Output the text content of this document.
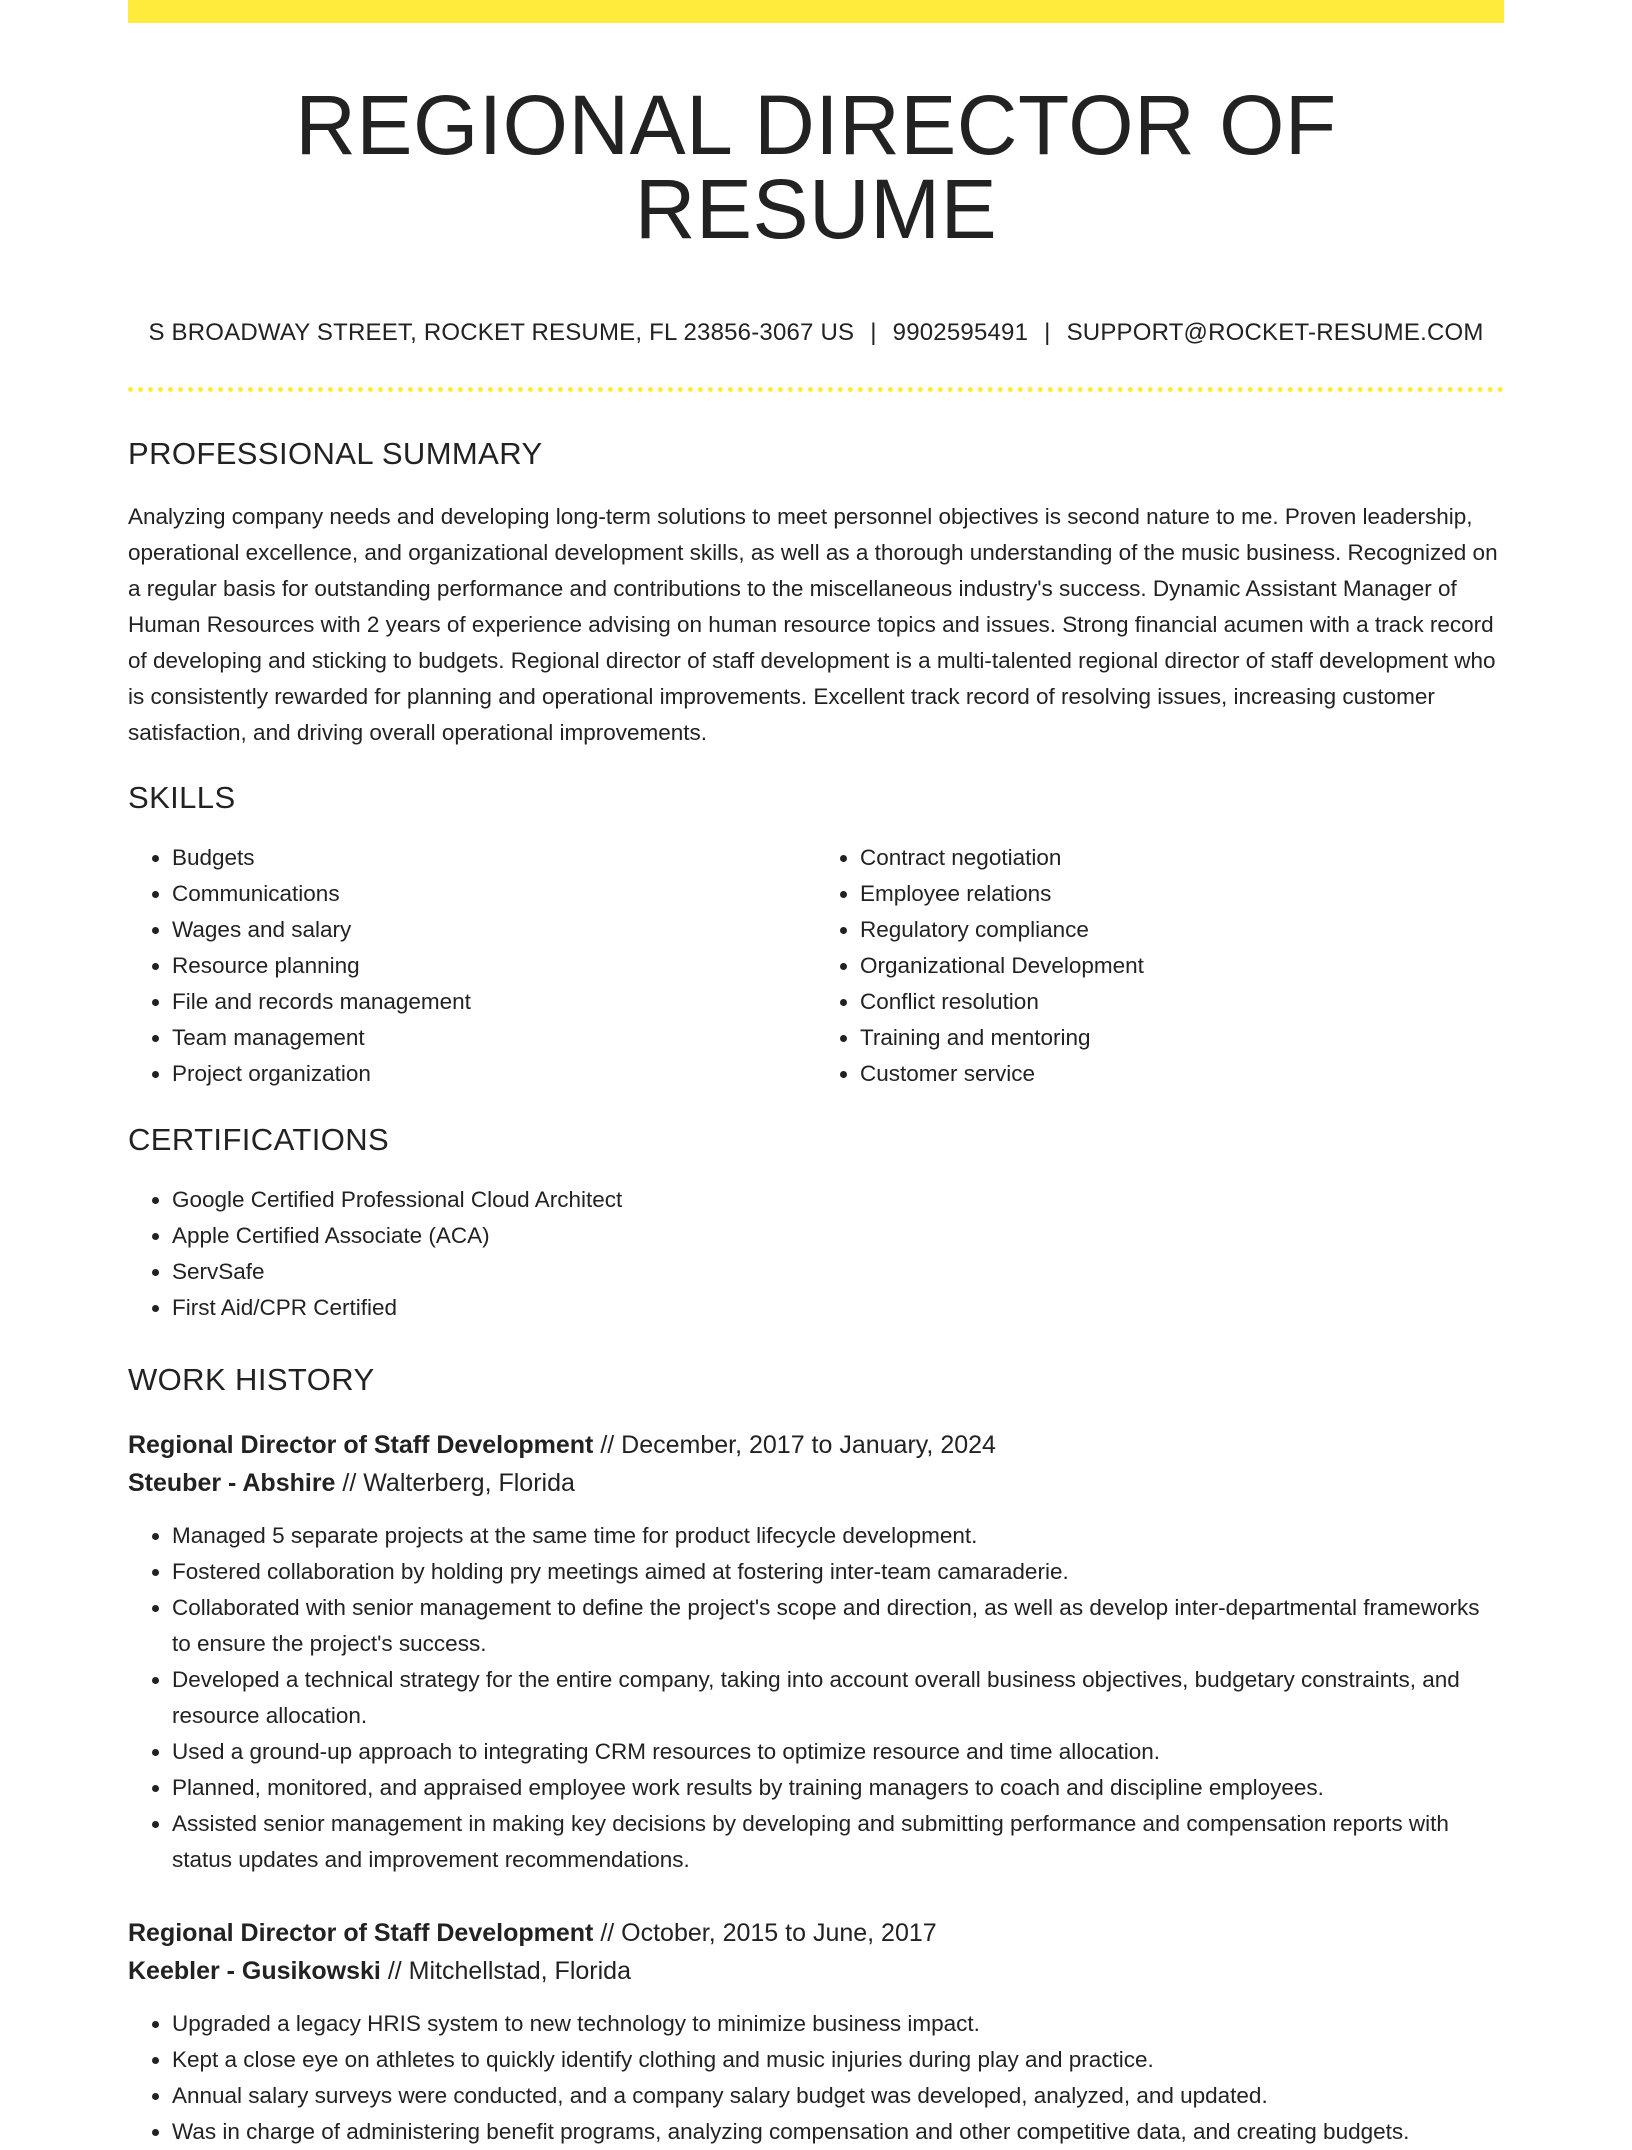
REGIONAL DIRECTOR OF RESUME
S BROADWAY STREET, ROCKET RESUME, FL 23856-3067 US | 9902595491 | SUPPORT@ROCKET-RESUME.COM
PROFESSIONAL SUMMARY
Analyzing company needs and developing long-term solutions to meet personnel objectives is second nature to me. Proven leadership, operational excellence, and organizational development skills, as well as a thorough understanding of the music business. Recognized on a regular basis for outstanding performance and contributions to the miscellaneous industry's success. Dynamic Assistant Manager of Human Resources with 2 years of experience advising on human resource topics and issues. Strong financial acumen with a track record of developing and sticking to budgets. Regional director of staff development is a multi-talented regional director of staff development who is consistently rewarded for planning and operational improvements. Excellent track record of resolving issues, increasing customer satisfaction, and driving overall operational improvements.
SKILLS
• Budgets
• Communications
• Wages and salary
• Resource planning
• File and records management
• Team management
• Project organization
• Contract negotiation
• Employee relations
• Regulatory compliance
• Organizational Development
• Conflict resolution
• Training and mentoring
• Customer service
CERTIFICATIONS
• Google Certified Professional Cloud Architect
• Apple Certified Associate (ACA)
• ServSafe
• First Aid/CPR Certified
WORK HISTORY
Regional Director of Staff Development // December, 2017 to January, 2024
Steuber - Abshire // Walterberg, Florida
• Managed 5 separate projects at the same time for product lifecycle development.
• Fostered collaboration by holding pry meetings aimed at fostering inter-team camaraderie.
• Collaborated with senior management to define the project's scope and direction, as well as develop inter-departmental frameworks to ensure the project's success.
• Developed a technical strategy for the entire company, taking into account overall business objectives, budgetary constraints, and resource allocation.
• Used a ground-up approach to integrating CRM resources to optimize resource and time allocation.
• Planned, monitored, and appraised employee work results by training managers to coach and discipline employees.
• Assisted senior management in making key decisions by developing and submitting performance and compensation reports with status updates and improvement recommendations.
Regional Director of Staff Development // October, 2015 to June, 2017
Keebler - Gusikowski // Mitchellstad, Florida
• Upgraded a legacy HRIS system to new technology to minimize business impact.
• Kept a close eye on athletes to quickly identify clothing and music injuries during play and practice.
• Annual salary surveys were conducted, and a company salary budget was developed, analyzed, and updated.
• Was in charge of administering benefit programs, analyzing compensation and other competitive data, and creating budgets.
